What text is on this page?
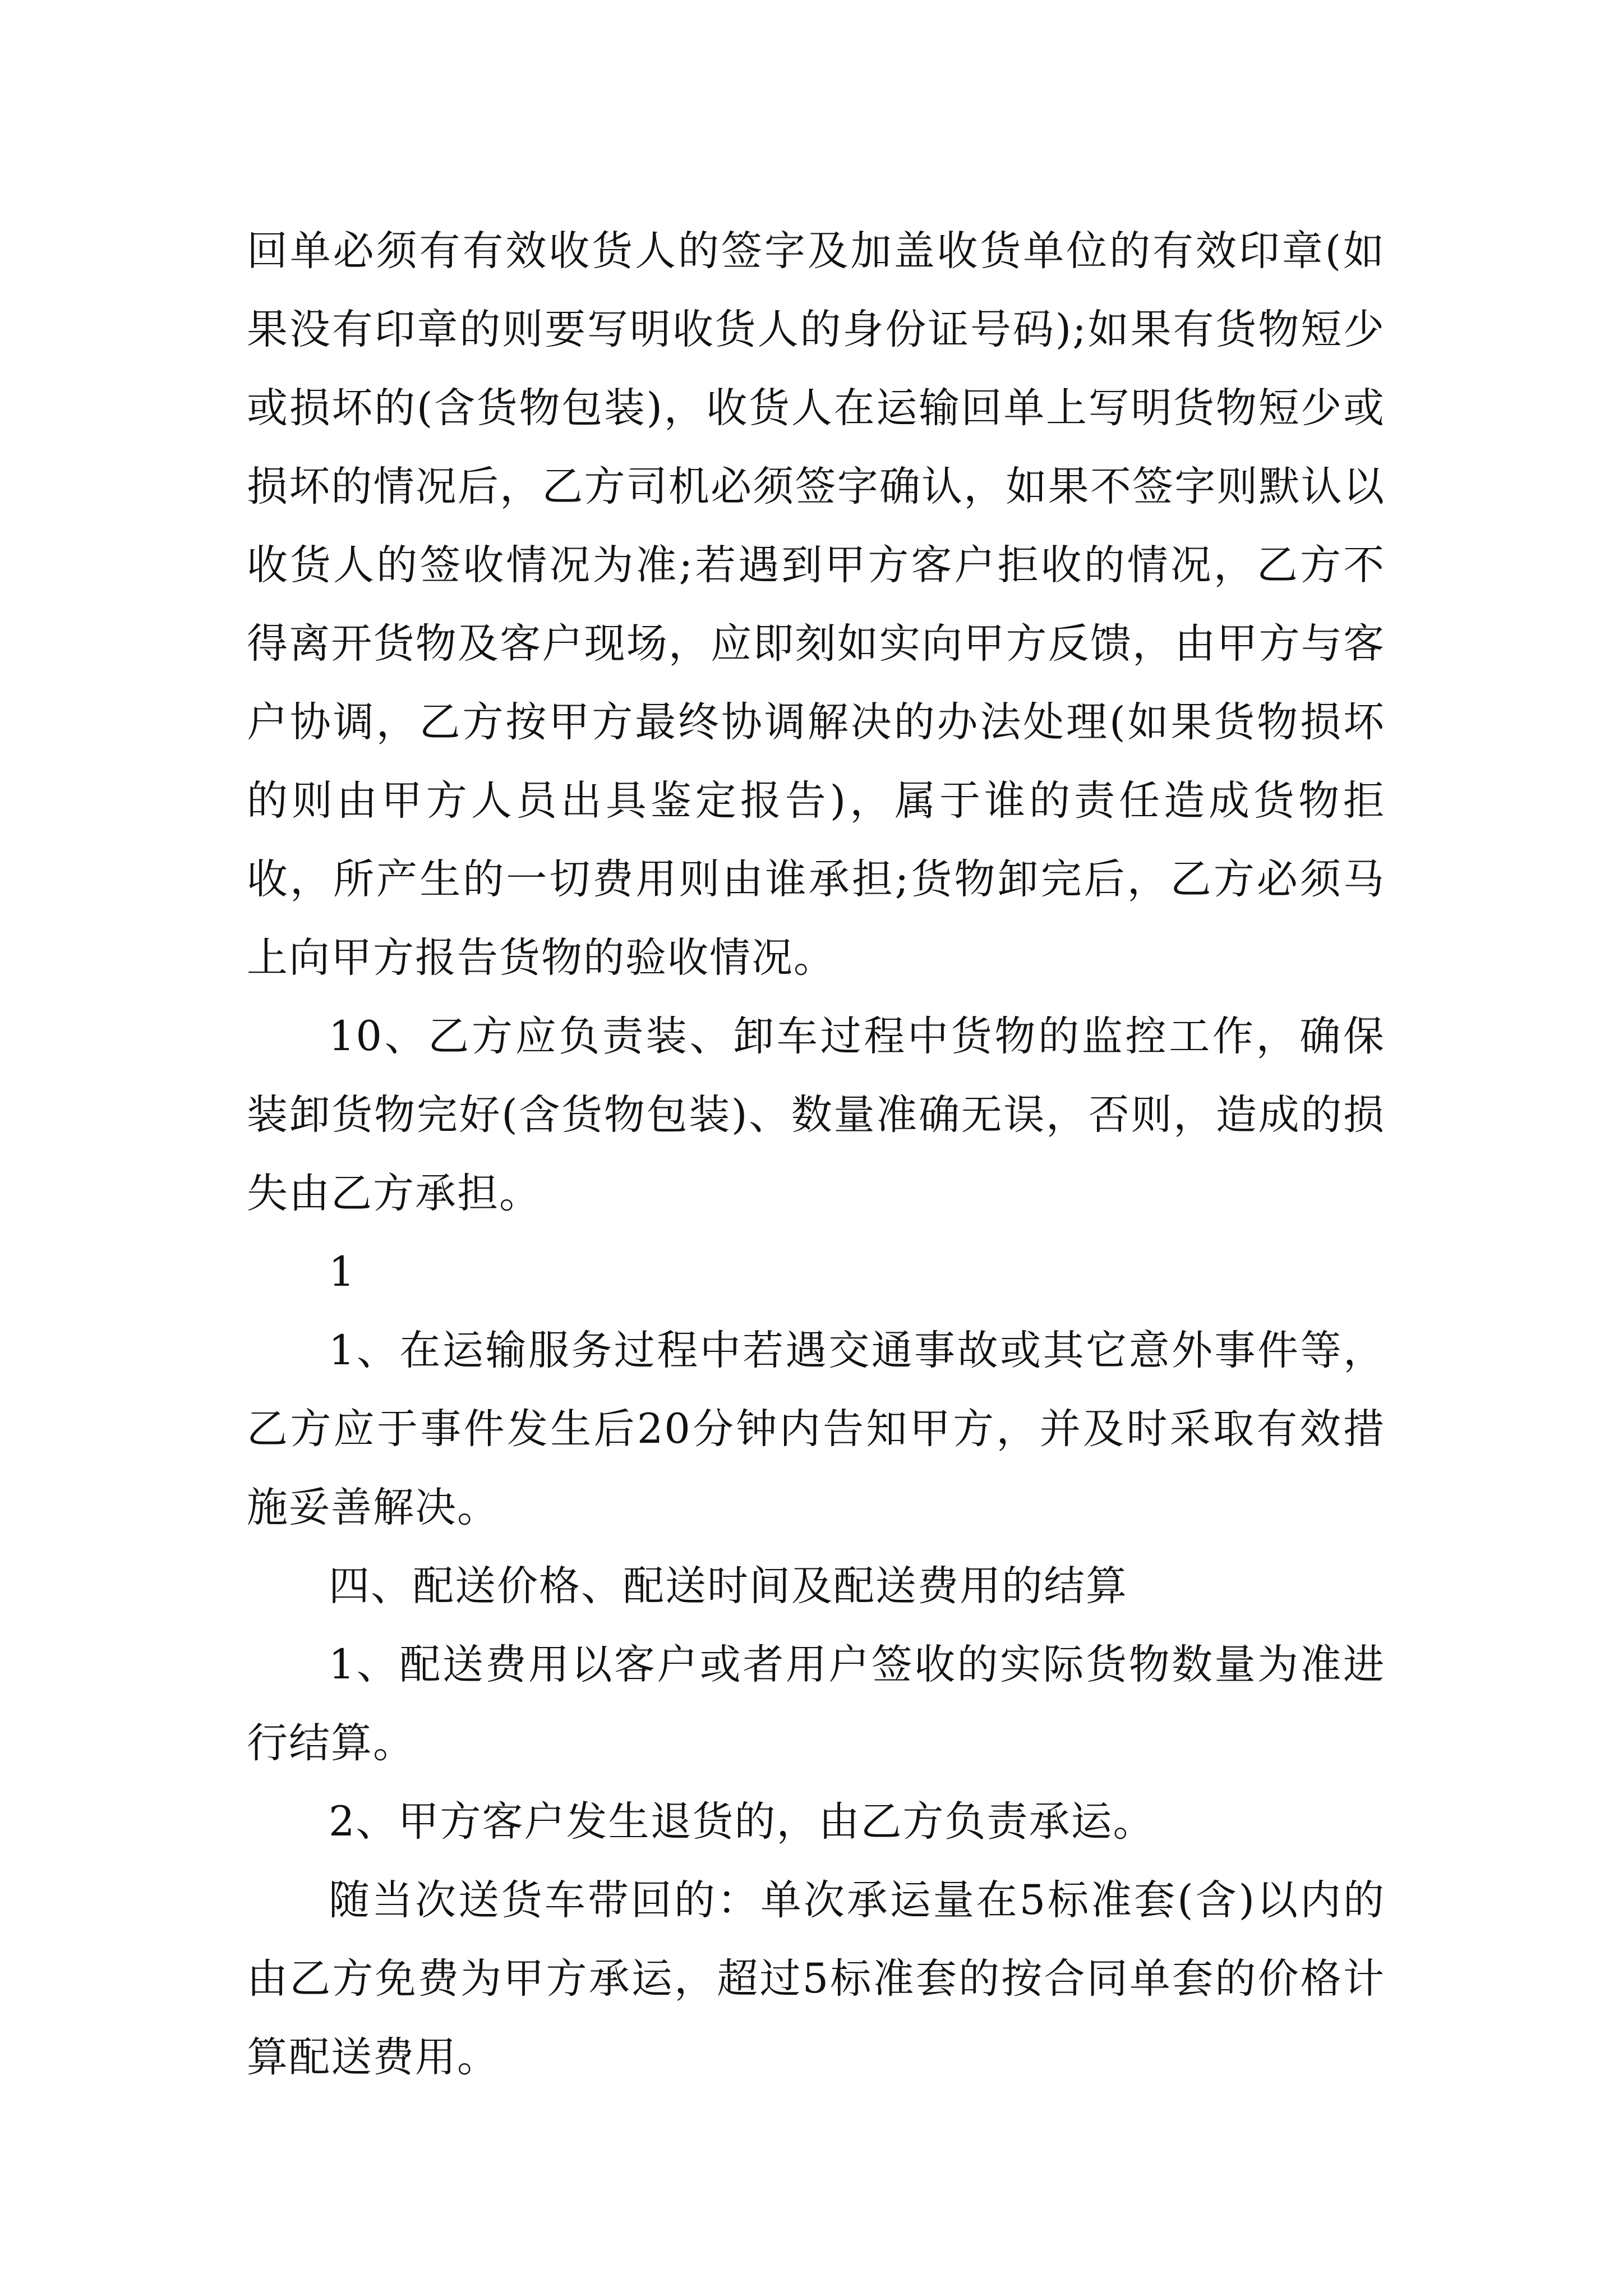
回单必须有有效收货人的签字及加盖收货单位的有效印章(如果没有印章的则要写明收货人的身份证号码);如果有货物短少或损坏的(含货物包装)，收货人在运输回单上写明货物短少或损坏的情况后，乙方司机必须签字确认，如果不签字则默认以收货人的签收情况为准;若遇到甲方客户拒收的情况，乙方不得离开货物及客户现场，应即刻如实向甲方反馈，由甲方与客户协调，乙方按甲方最终协调解决的办法处理(如果货物损坏的则由甲方人员出具鉴定报告)，属于谁的责任造成货物拒收，所产生的一切费用则由谁承担;货物卸完后，乙方必须马上向甲方报告货物的验收情况。

10、乙方应负责装、卸车过程中货物的监控工作，确保装卸货物完好(含货物包装)、数量准确无误，否则，造成的损失由乙方承担。

1

1、在运输服务过程中若遇交通事故或其它意外事件等，乙方应于事件发生后20分钟内告知甲方，并及时采取有效措施妥善解决。

四、配送价格、配送时间及配送费用的结算

1、配送费用以客户或者用户签收的实际货物数量为准进行结算。

2、甲方客户发生退货的，由乙方负责承运。

随当次送货车带回的：单次承运量在5标准套(含)以内的由乙方免费为甲方承运，超过5标准套的按合同单套的价格计算配送费用。
